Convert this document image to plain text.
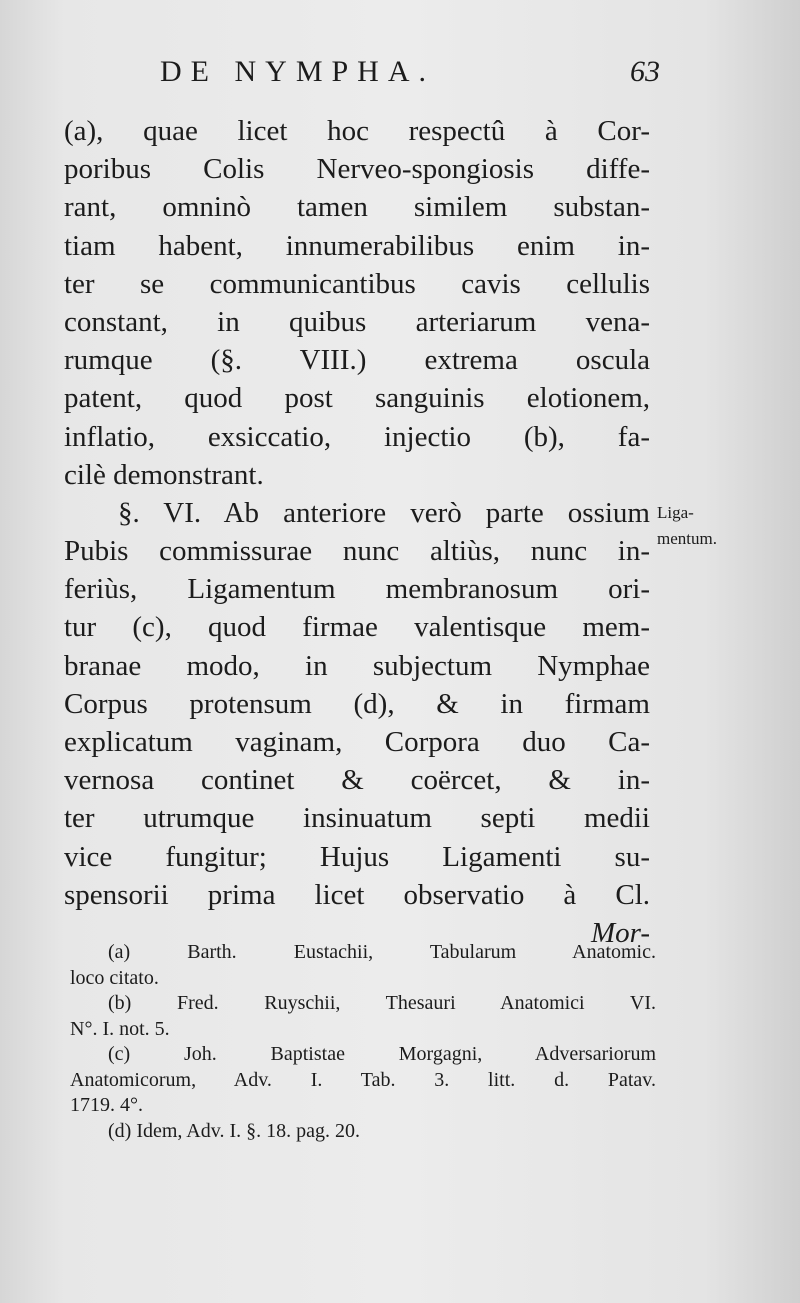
DE NYMPHA.	63
(a), quae licet hoc respectû à Cor-
poribus Colis Nerveo-spongiosis diffe-
rant, omninò tamen similem substan-
tiam habent, innumerabilibus enim in-
ter se communicantibus cavis cellulis
constant, in quibus arteriarum vena-
rumque (§. VIII.) extrema oscula
patent, quod post sanguinis elotionem,
inflatio, exsiccatio, injectio (b), fa-
cilè demonstrant.
§. VI. Ab anteriore verò parte ossium
Pubis commissurae nunc altiùs, nunc in-
feriùs, Ligamentum membranosum ori-
tur (c), quod firmae valentisque mem-
branae modo, in subjectum Nymphae
Corpus protensum (d), & in firmam
explicatum vaginam, Corpora duo Ca-
vernosa continet & coërcet, & in-
ter utrumque insinuatum septi medii
vice fungitur; Hujus Ligamenti su-
spensorii prima licet observatio à Cl.
Mor-
Liga-
mentum.
(a) Barth. Eustachii, Tabularum Anatomic.
loco citato.
(b) Fred. Ruyschii, Thesauri Anatomici VI.
N°. I. not. 5.
(c) Joh. Baptistae Morgagni, Adversariorum
Anatomicorum, Adv. I. Tab. 3. litt. d. Patav.
1719. 4°.
(d) Idem, Adv. I. §. 18. pag. 20.
